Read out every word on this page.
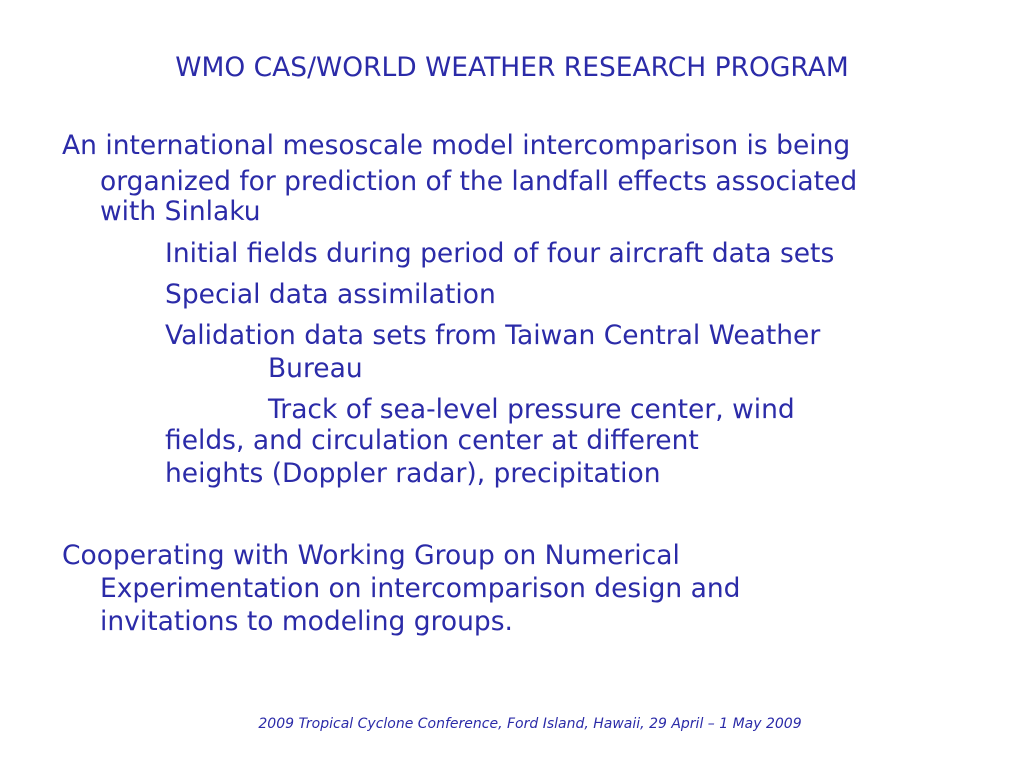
WMO CAS/WORLD WEATHER RESEARCH PROGRAM
An international mesoscale model intercomparison is being
organized for prediction of the landfall effects associated
with Sinlaku
Initial fields during period of four aircraft data sets
Special data assimilation
Validation data sets from Taiwan Central Weather
Bureau
Track of sea-level pressure center, wind
fields, and circulation center at different
heights (Doppler radar), precipitation
Cooperating with Working Group on Numerical
Experimentation on intercomparison design and
invitations to modeling groups.
2009 Tropical Cyclone Conference, Ford Island, Hawaii, 29 April – 1 May 2009
